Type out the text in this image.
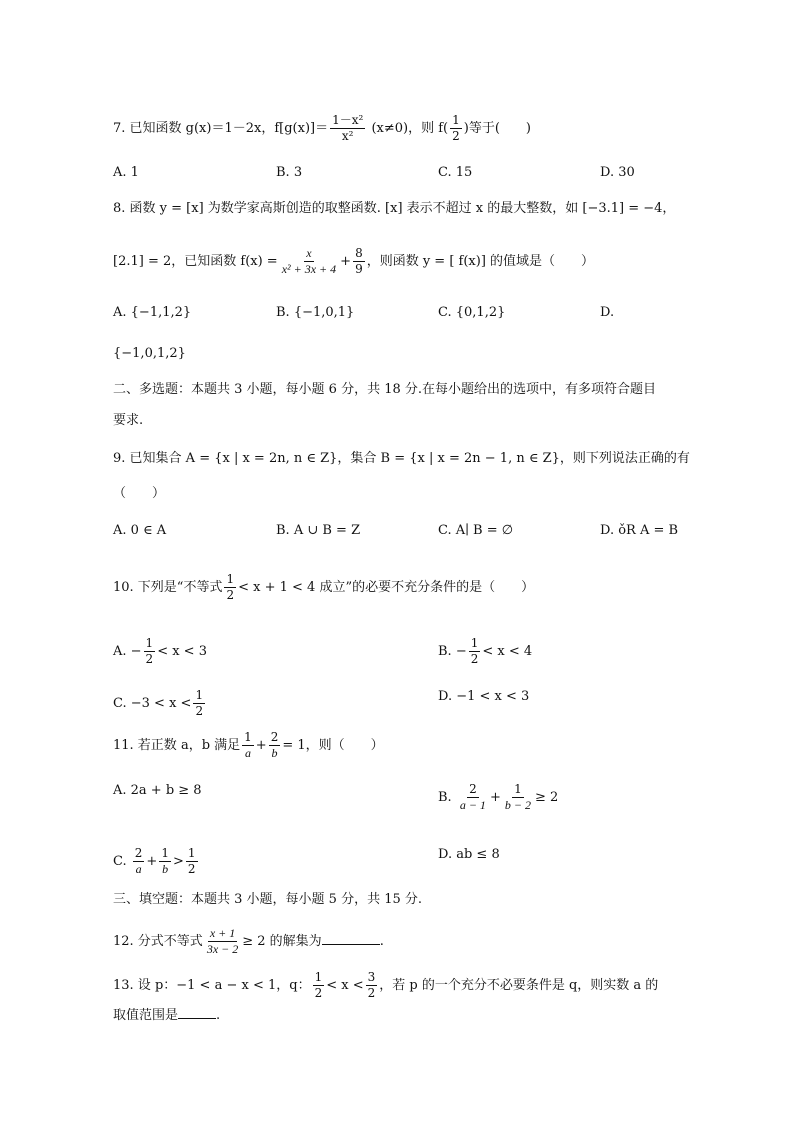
7. 已知函数 g(x)＝1－2x，$f[g(x)]= \frac{\text{1－x²}}{\text{x²}} (x\ne 0)$，则 $f( \frac{1}{2}$ )等于(　　)
A. 1	B. 3	C. 15	D. 30
8. 函数 y = [x] 为数学家高斯创造的取整函数. [x] 表示不超过 x 的最大整数，如 [−3.1] = −4，
[2.1] = 2，已知函数 $f(x) = \frac{x}{\text{x² + 3x + 4}} + \frac{8}{9}$ ，则函数 y = [ f(x)] 的值域是（　　）
A. {−1,1,2}	B. {−1,0,1}	C. {0,1,2}	D.
{−1,0,1,2}
二、多选题：本题共 3 小题，每小题 6 分，共 18 分.在每小题给出的选项中，有多项符合题目
要求.
9. 已知集合 A = {x | x = 2n, n ∈ Z}，集合 B = {x | x = 2n − 1, n ∈ Z}，则下列说法正确的有
（　　）
A. 0 ∈ A	B. A ∪ B = Z	C. A∣ B = ∅	D. ǒR A = B
10. 下列是“不等式 $\frac{1}{2} < x + 1 < 4$ 成立”的必要不充分条件的是（　　）
A. − $\frac{1}{2} < x < 3$	B. − $\frac{1}{2} < x < 4$
C. $-3 < x < \frac{1}{2}$	D. −1 < x < 3
11. 若正数 a，b 满足 $\frac{1}{a} + \frac{2}{b} = 1$，则（　　）
A. 2a + b ≥ 8	B. $\frac{2}{a - 1} + \frac{1}{b - 2} \ge 2$
C. $\frac{2}{a} + \frac{1}{b} > \frac{1}{2}$	D. ab ≤ 8
三、填空题：本题共 3 小题，每小题 5 分，共 15 分.
12. 分式不等式 $\frac{x + 1}{3x - 2} \ge 2$ 的解集为	.
13. 设 p：−1 < a − x < 1，q： $\frac{1}{2} < x < \frac{3}{2}$ ，若 p 的一个充分不必要条件是 q，则实数 a 的
取值范围是	.
